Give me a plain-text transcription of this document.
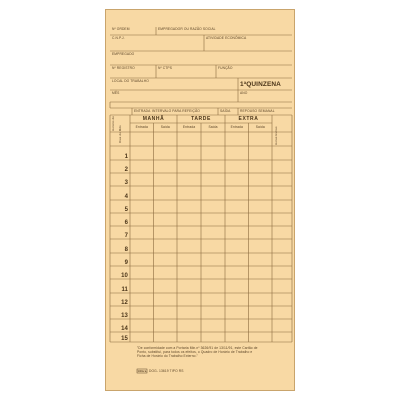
Nº ORDEM	EMPREGADOR OU RAZÃO SOCIAL
C.N.P.J.	ATIVIDADE ECONÔMICA
EMPREGADO
Nº REGISTRO	Nº CTPS	FUNÇÃO
LOCAL DO TRABALHO	1ªQUINZENA
MÊS	ANO
ENTRADA INTERVALO PARA REFEIÇÃO	SAÍDA	REPOUSO SEMANAL
Horário de
Dias do Mês	Horas Extras
MANHÃ	TARDE	EXTRA
Entrada	Saída	Entrada	Saída	Entrada	Saída
1
2
3
4
5
6
7
8
9
10
11
12
13
14
15
"De conformidade com a Portaria Min.nº 3626/91 de 13/11/91, este Cartão de
Ponto, substitui, para todos os efeitos, o Quadro de Horário de Trabalho e
Ficha de Horário do Trabalho Externo."
tilibra DOG- 13619 TIPO RS
